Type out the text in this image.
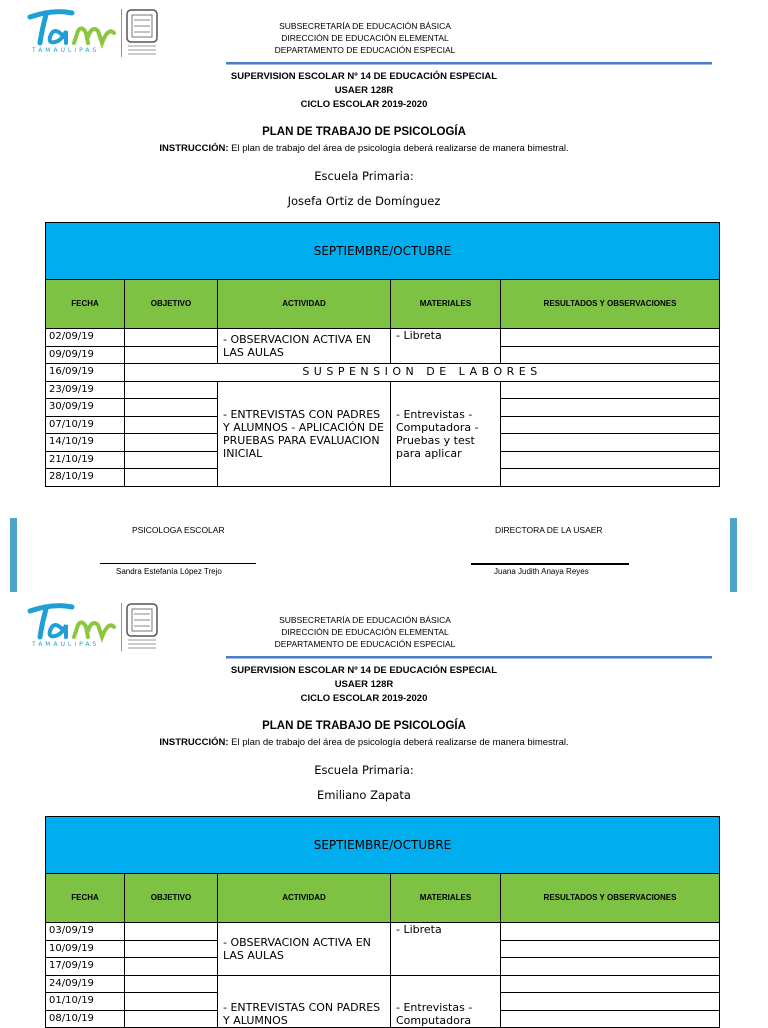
TAMAULIPAS
SUBSECRETARÍA DE EDUCACIÓN BÁSICA
DIRECCIÓN DE EDUCACIÓN ELEMENTAL
DEPARTAMENTO DE EDUCACIÓN ESPECIAL
SUPERVISION ESCOLAR Nº 14 DE EDUCACIÓN ESPECIAL
USAER 128R
CICLO ESCOLAR 2019-2020
PLAN DE TRABAJO DE PSICOLOGÍA
INSTRUCCIÓN: El plan de trabajo del área de psicología deberá realizarse de manera bimestral.
Escuela Primaria:
Josefa Ortiz de Domínguez
SEPTIEMBRE/OCTUBRE				
FECHA	OBJETIVO	ACTIVIDAD	MATERIALES	RESULTADOS Y OBSERVACIONES
02/09/19		- OBSERVACION ACTIVA EN LAS AULAS	- Libreta	
09/09/19				
16/09/19	SUSPENSION DE LABORES			
23/09/19		- ENTREVISTAS CON PADRES Y ALUMNOS - APLICACIÓN DE PRUEBAS PARA EVALUACION INICIAL	- Entrevistas - Computadora -Pruebas y test para aplicar	
30/09/19				
07/10/19				
14/10/19				
21/10/19				
28/10/19				
PSICOLOGA ESCOLAR
Sandra Estefanía López Trejo
DIRECTORA DE LA USAER
Juana Judith Anaya Reyes
TAMAULIPAS
SUBSECRETARÍA DE EDUCACIÓN BÁSICA
DIRECCIÓN DE EDUCACIÓN ELEMENTAL
DEPARTAMENTO DE EDUCACIÓN ESPECIAL
SUPERVISION ESCOLAR Nº 14 DE EDUCACIÓN ESPECIAL
USAER 128R
CICLO ESCOLAR 2019-2020
PLAN DE TRABAJO DE PSICOLOGÍA
INSTRUCCIÓN: El plan de trabajo del área de psicología deberá realizarse de manera bimestral.
Escuela Primaria:
Emiliano Zapata
SEPTIEMBRE/OCTUBRE				
FECHA	OBJETIVO	ACTIVIDAD	MATERIALES	RESULTADOS Y OBSERVACIONES
03/09/19		- OBSERVACION ACTIVA EN LAS AULAS	- Libreta	
10/09/19				
17/09/19				
24/09/19		- ENTREVISTAS CON PADRES Y ALUMNOS	- Entrevistas - Computadora	
01/10/19				
08/10/19				
